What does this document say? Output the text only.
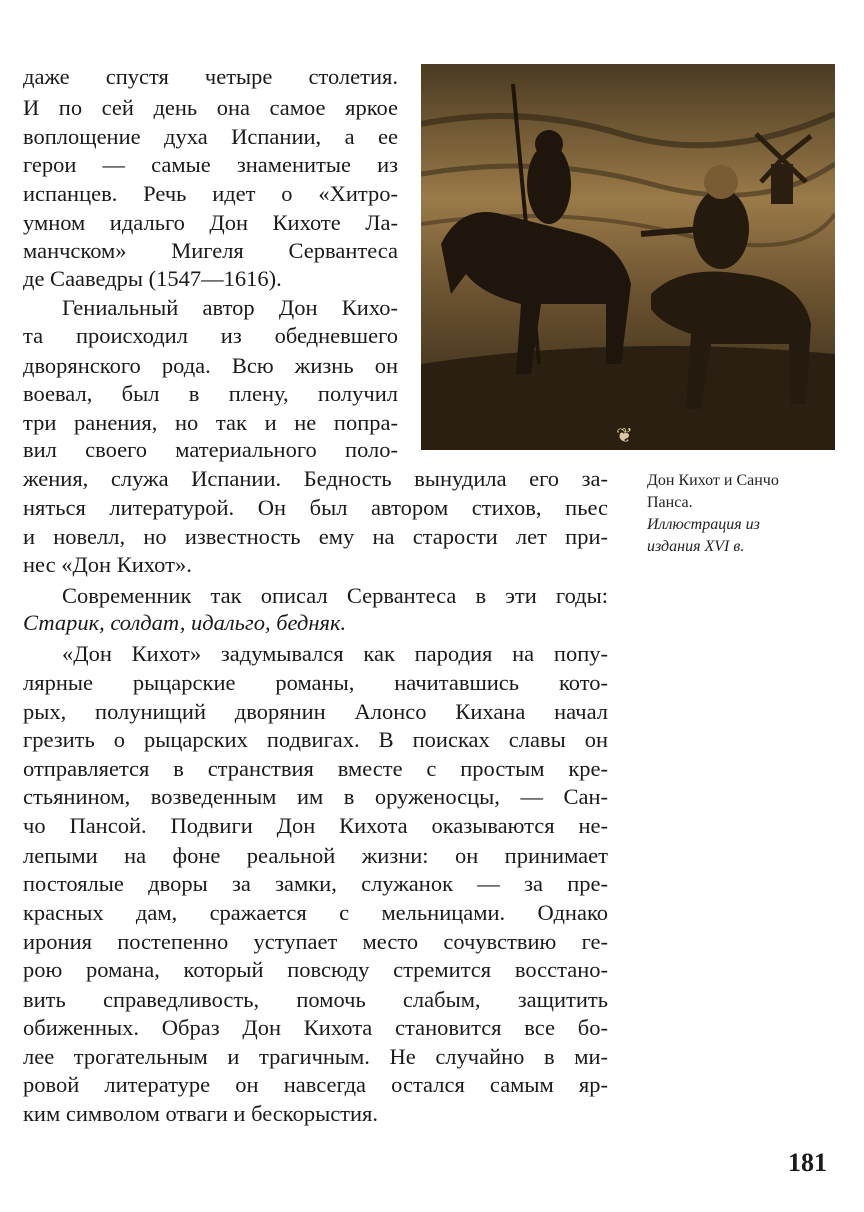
даже спустя четыре столетия.

И по сей день она самое яркое

воплощение духа Испании, а ее

герои — самые знаменитые из

испанцев. Речь идет о «Хитро-

умном идальго Дон Кихоте Ла-

манчском» Мигеля Сервантеса

де Сааведры (1547—1616).

Гениальный автор Дон Кихо-

та происходил из обедневшего

дворянского рода. Всю жизнь он

воевал, был в плену, получил

три ранения, но так и не попра-

вил своего материального поло-

жения, служа Испании. Бедность вынудила его за-

няться литературой. Он был автором стихов, пьес

и новелл, но известность ему на старости лет при-

нес «Дон Кихот».

Современник так описал Сервантеса в эти годы:

Старик, солдат, идальго, бедняк.

«Дон Кихот» задумывался как пародия на попу-

лярные рыцарские романы, начитавшись кото-

рых, полунищий дворянин Алонсо Кихана начал

грезить о рыцарских подвигах. В поисках славы он

отправляется в странствия вместе с простым кре-

стьянином, возведенным им в оруженосцы, — Сан-

чо Пансой. Подвиги Дон Кихота оказываются не-

лепыми на фоне реальной жизни: он принимает

постоялые дворы за замки, служанок — за пре-

красных дам, сражается с мельницами. Однако

ирония постепенно уступает место сочувствию ге-

рою романа, который повсюду стремится восстано-

вить справедливость, помочь слабым, защитить

обиженных. Образ Дон Кихота становится все бо-

лее трогательным и трагичным. Не случайно в ми-

ровой литературе он навсегда остался самым яр-

ким символом отваги и бескорыстия.

❦
Дон Кихот и Санчо
Панса.
Иллюстрация из
издания XVI в.
181
